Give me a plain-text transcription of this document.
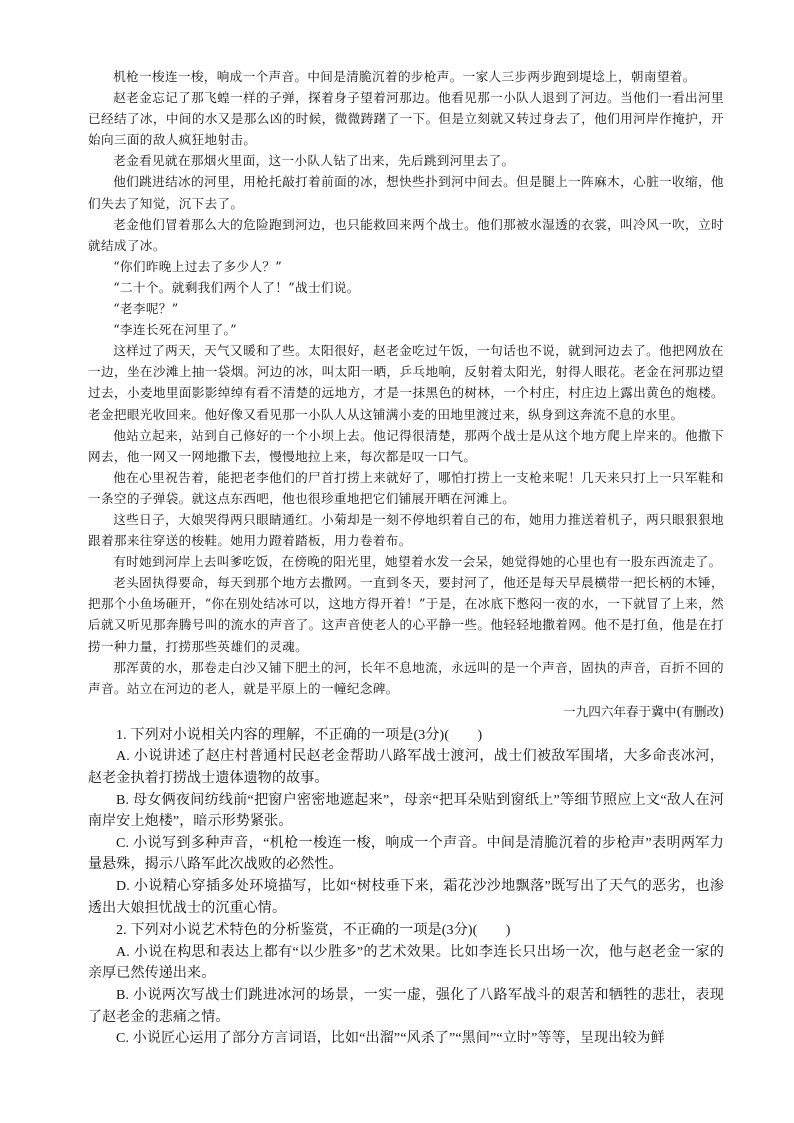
机枪一梭连一梭，响成一个声音。中间是清脆沉着的步枪声。一家人三步两步跑到堤埝上，朝南望着。

赵老金忘记了那飞蝗一样的子弹，探着身子望着河那边。他看见那一小队人退到了河边。当他们一看出河里已经结了冰，中间的水又是那么凶的时候，微微踌躇了一下。但是立刻就又转过身去了，他们用河岸作掩护，开始向三面的敌人疯狂地射击。

老金看见就在那烟火里面，这一小队人钻了出来，先后跳到河里去了。

他们跳进结冰的河里，用枪托敲打着前面的冰，想快些扑到河中间去。但是腿上一阵麻木，心脏一收缩，他们失去了知觉，沉下去了。

老金他们冒着那么大的危险跑到河边，也只能救回来两个战士。他们那被水湿透的衣裳，叫冷风一吹，立时就结成了冰。

“你们昨晚上过去了多少人？”

“二十个。就剩我们两个人了！”战士们说。

“老李呢？”

“李连长死在河里了。”

这样过了两天，天气又暖和了些。太阳很好，赵老金吃过午饭，一句话也不说，就到河边去了。他把网放在一边，坐在沙滩上抽一袋烟。河边的冰，叫太阳一晒，乒乓地响，反射着太阳光，射得人眼花。老金在河那边望过去，小麦地里面影影绰绰有看不清楚的远地方，才是一抹黑色的树林，一个村庄，村庄边上露出黄色的炮楼。老金把眼光收回来。他好像又看见那一小队人从这铺满小麦的田地里渡过来，纵身到这奔流不息的水里。

他站立起来，站到自己修好的一个小坝上去。他记得很清楚，那两个战士是从这个地方爬上岸来的。他撒下网去，他一网又一网地撒下去，慢慢地拉上来，每次都是叹一口气。

他在心里祝告着，能把老李他们的尸首打捞上来就好了，哪怕打捞上一支枪来呢！几天来只打上一只军鞋和一条空的子弹袋。就这点东西吧，他也很珍重地把它们铺展开晒在河滩上。

这些日子，大娘哭得两只眼睛通红。小菊却是一刻不停地织着自己的布，她用力推送着机子，两只眼狠狠地跟着那来往穿送的梭鞋。她用力蹬着踏板，用力卷着布。

有时她到河岸上去叫爹吃饭，在傍晚的阳光里，她望着水发一会呆，她觉得她的心里也有一股东西流走了。

老头固执得要命，每天到那个地方去撒网。一直到冬天，要封河了，他还是每天早晨横带一把长柄的木锤，把那个小鱼场砸开，“你在别处结冰可以，这地方得开着！”于是，在冰底下憋闷一夜的水，一下就冒了上来，然后就又听见那奔腾号叫的流水的声音了。这声音使老人的心平静一些。他轻轻地撒着网。他不是打鱼，他是在打捞一种力量，打捞那些英雄们的灵魂。

那浑黄的水，那卷走白沙又铺下肥土的河，长年不息地流，永远叫的是一个声音，固执的声音，百折不回的声音。站立在河边的老人，就是平原上的一幢纪念碑。

一九四六年春于冀中(有删改)

1. 下列对小说相关内容的理解，不正确的一项是(3分)(　　)

A. 小说讲述了赵庄村普通村民赵老金帮助八路军战士渡河，战士们被敌军围堵，大多命丧冰河，赵老金执着打捞战士遗体遗物的故事。

B. 母女俩夜间纺线前“把窗户密密地遮起来”，母亲“把耳朵贴到窗纸上”等细节照应上文“敌人在河南岸安上炮楼”，暗示形势紧张。

C. 小说写到多种声音，“机枪一梭连一梭，响成一个声音。中间是清脆沉着的步枪声”表明两军力量悬殊，揭示八路军此次战败的必然性。

D. 小说精心穿插多处环境描写，比如“树枝垂下来，霜花沙沙地飘落”既写出了天气的恶劣，也渗透出大娘担忧战士的沉重心情。

2. 下列对小说艺术特色的分析鉴赏，不正确的一项是(3分)(　　)

A. 小说在构思和表达上都有“以少胜多”的艺术效果。比如李连长只出场一次，他与赵老金一家的亲厚已然传递出来。

B. 小说两次写战士们跳进冰河的场景，一实一虚，强化了八路军战斗的艰苦和牺牲的悲壮，表现了赵老金的悲痛之情。

C. 小说匠心运用了部分方言词语，比如“出溜”“风杀了”“黑间”“立时”等等，呈现出较为鲜
